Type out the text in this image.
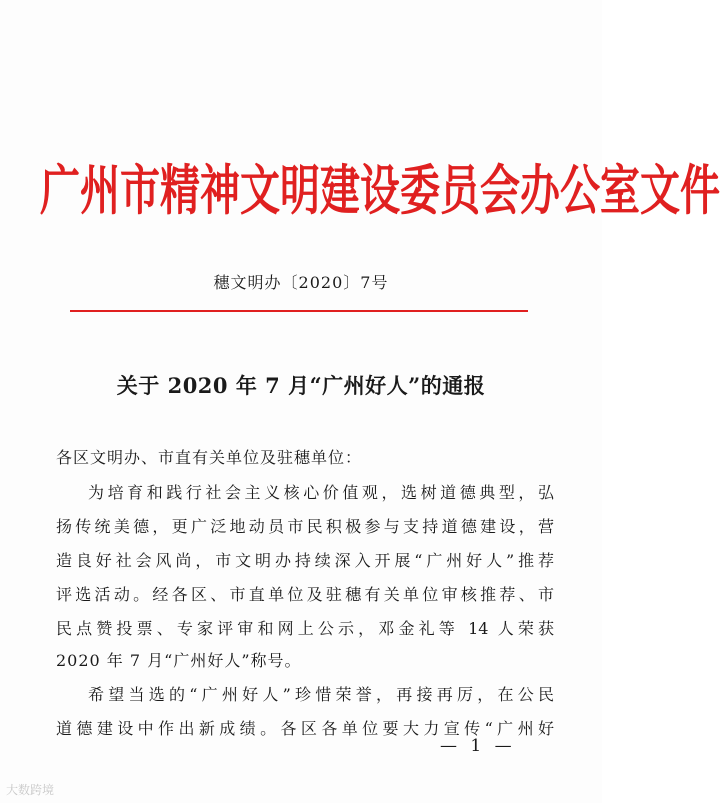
广州市精神文明建设委员会办公室文件
穗文明办〔2020〕7号
关于 2020 年 7 月“广州好人”的通报
各区文明办、市直有关单位及驻穗单位：
为培育和践行社会主义核心价值观，选树道德典型，弘
扬传统美德，更广泛地动员市民积极参与支持道德建设，营
造良好社会风尚，市文明办持续深入开展“广州好人”推荐
评选活动。经各区、市直单位及驻穗有关单位审核推荐、市
民点赞投票、专家评审和网上公示，邓金礼等 14 人荣获
2020 年 7 月“广州好人”称号。
希望当选的“广州好人”珍惜荣誉，再接再厉，在公民
道德建设中作出新成绩。各区各单位要大力宣传“广州好
— 1 —
大数跨境
